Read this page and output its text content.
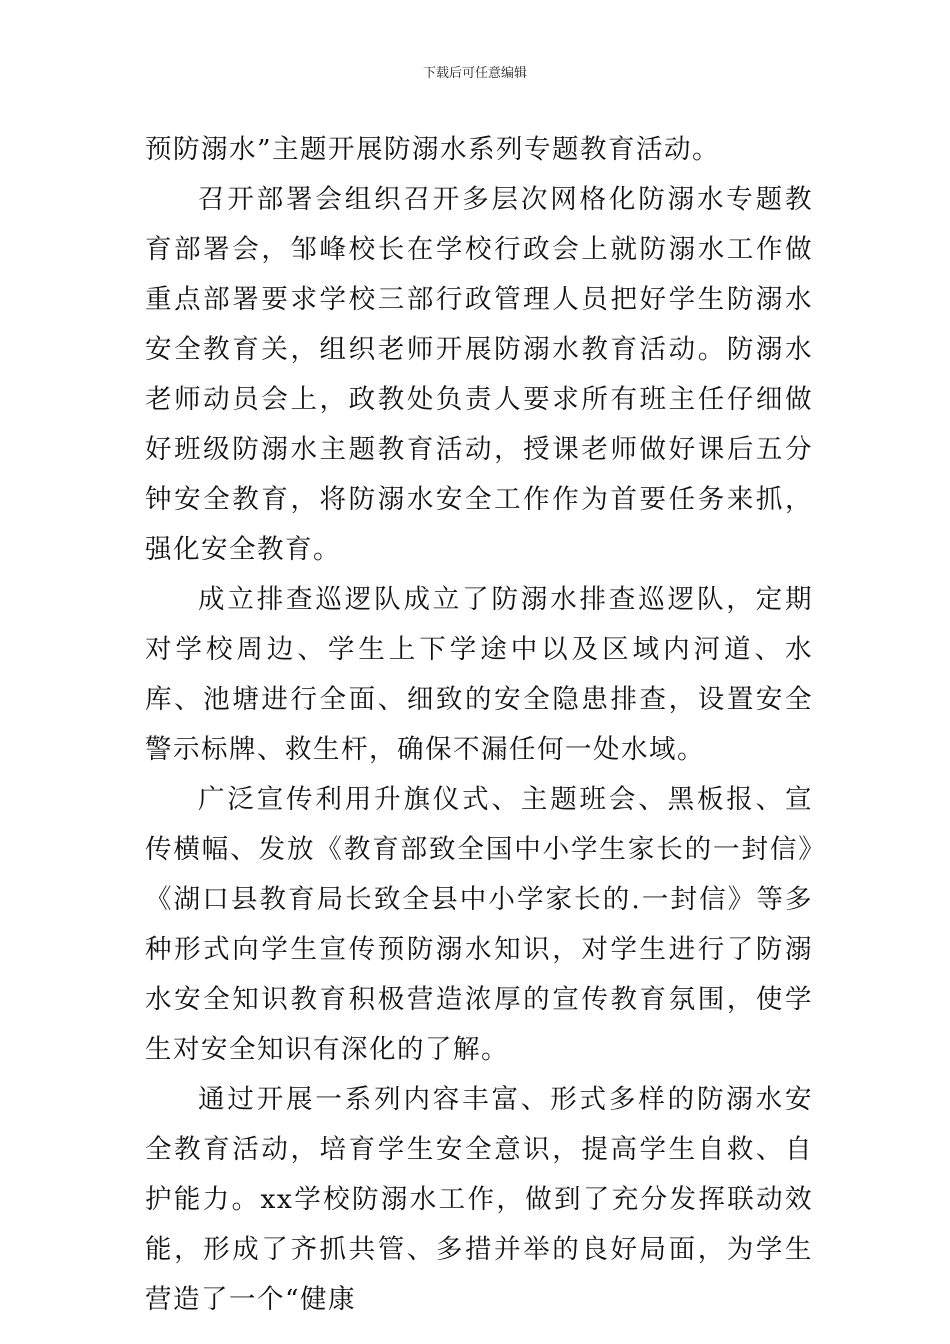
下载后可任意编辑

预防溺水”主题开展防溺水系列专题教育活动。

召开部署会组织召开多层次网格化防溺水专题教育部署会，邹峰校长在学校行政会上就防溺水工作做重点部署要求学校三部行政管理人员把好学生防溺水安全教育关，组织老师开展防溺水教育活动。防溺水老师动员会上，政教处负责人要求所有班主任仔细做好班级防溺水主题教育活动，授课老师做好课后五分钟安全教育，将防溺水安全工作作为首要任务来抓，强化安全教育。

成立排查巡逻队成立了防溺水排查巡逻队，定期对学校周边、学生上下学途中以及区域内河道、水库、池塘进行全面、细致的安全隐患排查，设置安全警示标牌、救生杆，确保不漏任何一处水域。

广泛宣传利用升旗仪式、主题班会、黑板报、宣传横幅、发放《教育部致全国中小学生家长的一封信》《湖口县教育局长致全县中小学家长的.一封信》等多种形式向学生宣传预防溺水知识，对学生进行了防溺水安全知识教育积极营造浓厚的宣传教育氛围，使学生对安全知识有深化的了解。

通过开展一系列内容丰富、形式多样的防溺水安全教育活动，培育学生安全意识，提高学生自救、自护能力。xx学校防溺水工作，做到了充分发挥联动效能，形成了齐抓共管、多措并举的良好局面，为学生营造了一个“健康
